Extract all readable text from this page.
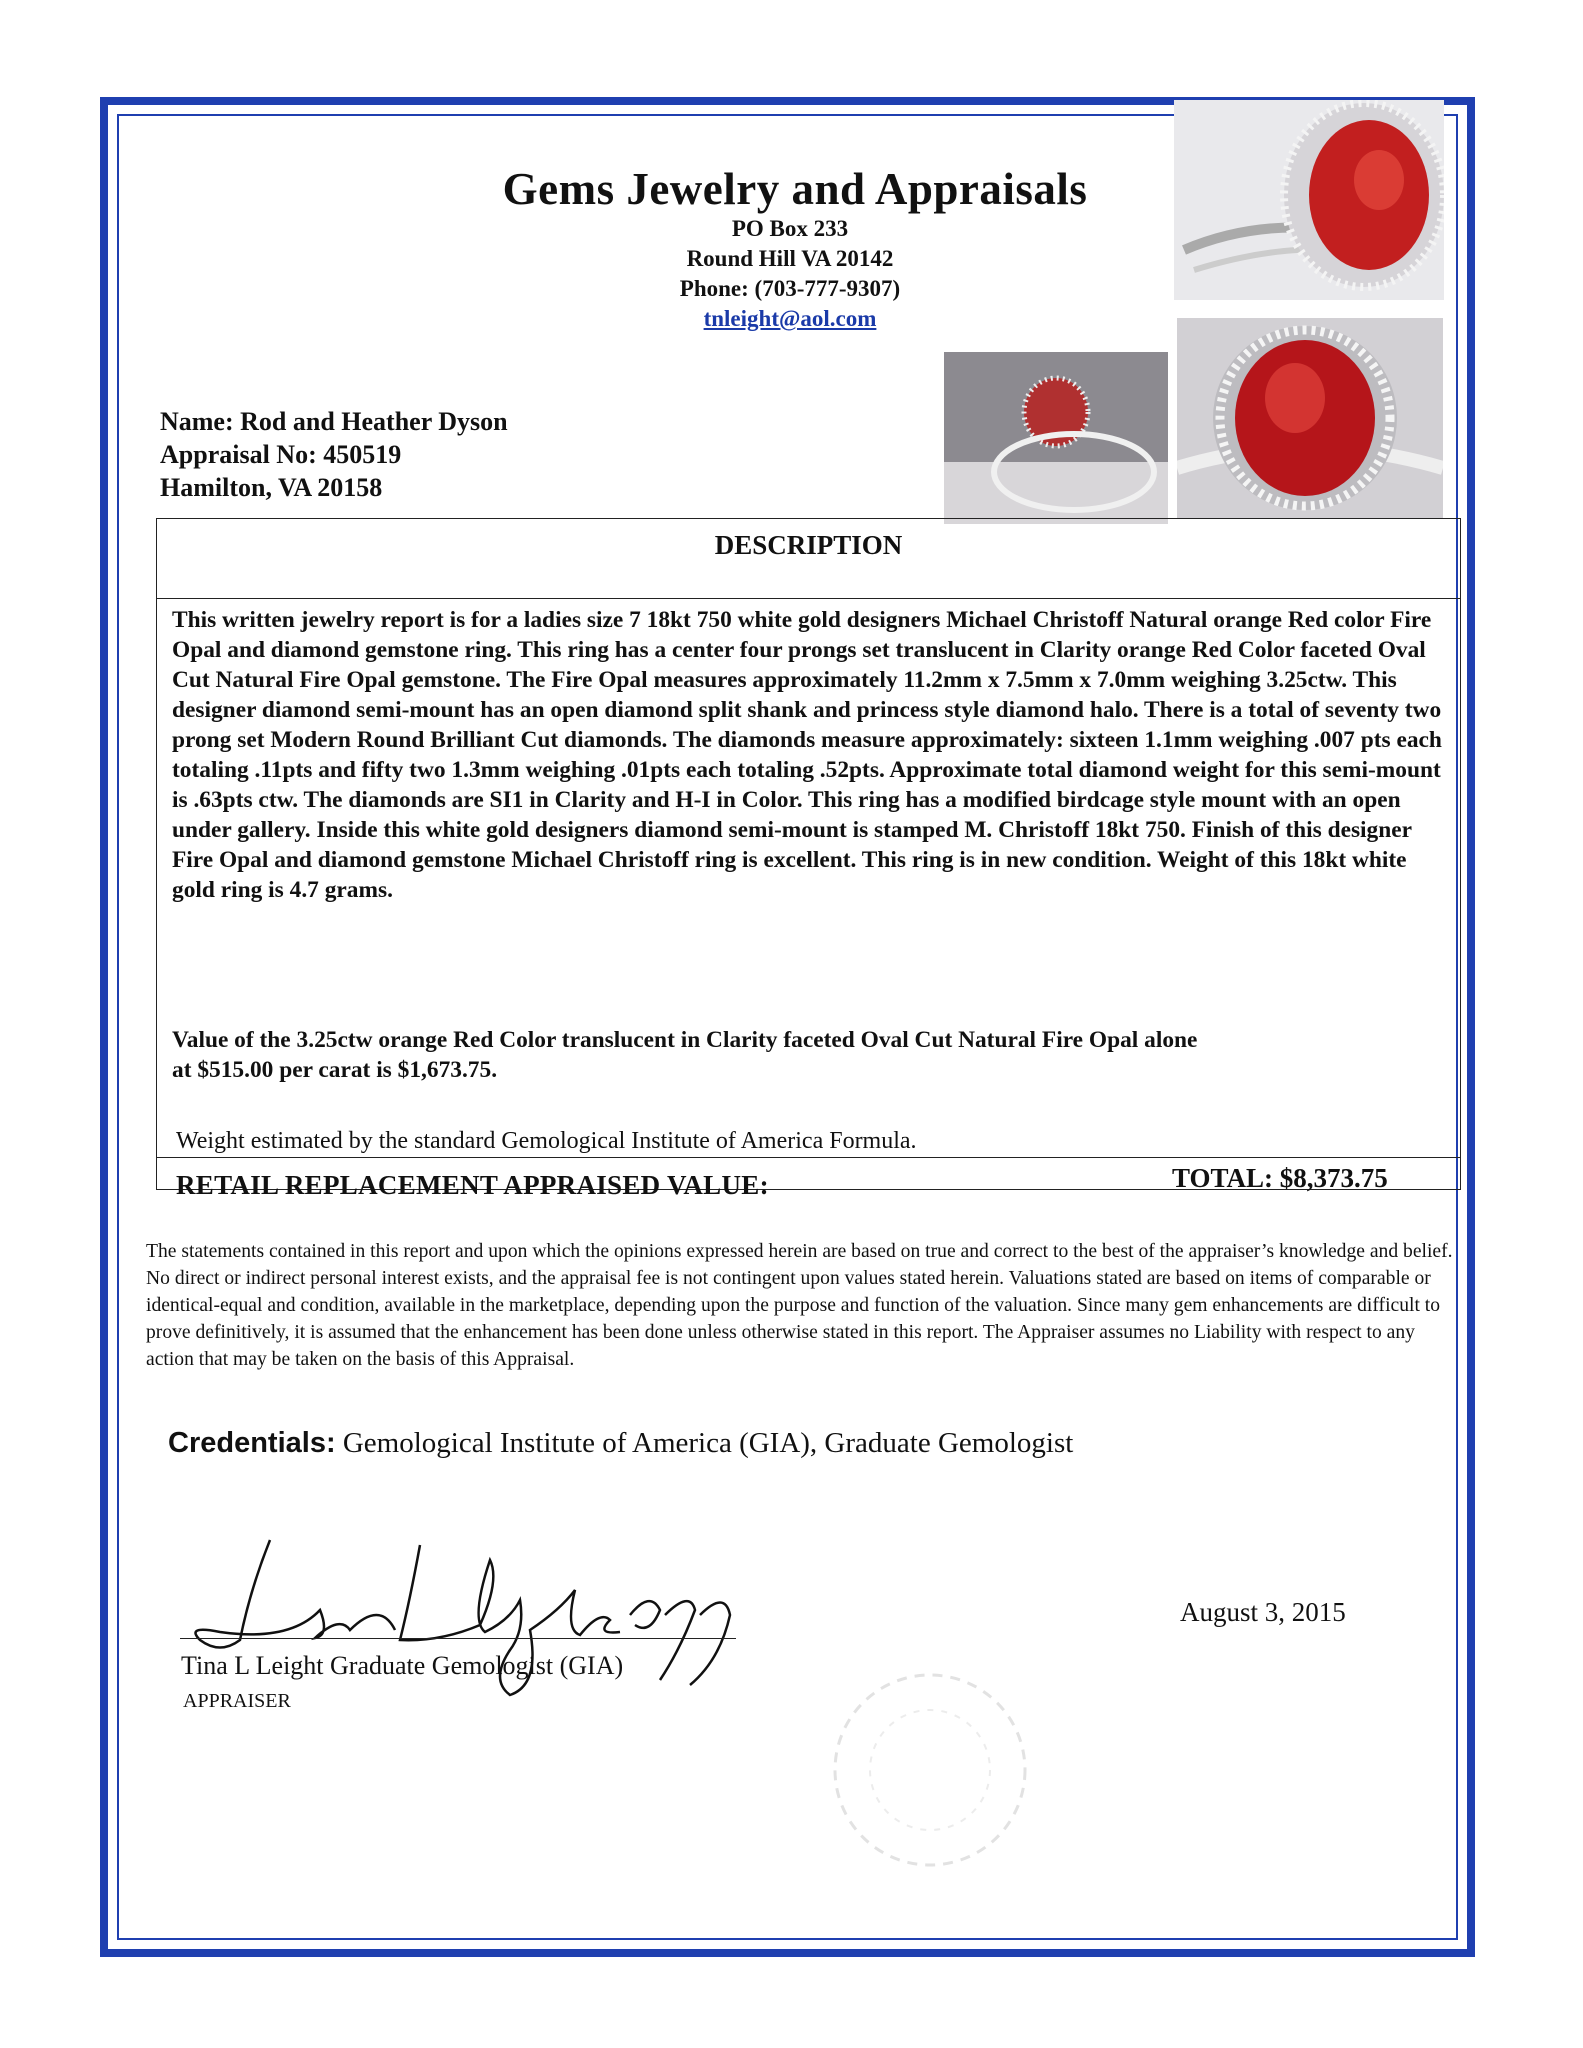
Gems Jewelry and Appraisals
PO Box 233
Round Hill VA 20142
Phone: (703-777-9307)
tnleight@aol.com
Name: Rod and Heather Dyson
Appraisal No: 450519
Hamilton, VA 20158
DESCRIPTION
This written jewelry report is for a ladies size 7 18kt 750 white gold designers Michael Christoff Natural orange Red color Fire Opal and diamond gemstone ring. This ring has a center four prongs set translucent in Clarity orange Red Color faceted Oval Cut Natural Fire Opal gemstone. The Fire Opal measures approximately 11.2mm x 7.5mm x 7.0mm weighing 3.25ctw. This designer diamond semi-mount has an open diamond split shank and princess style diamond halo. There is a total of seventy two prong set Modern Round Brilliant Cut diamonds. The diamonds measure approximately: sixteen 1.1mm weighing .007 pts each totaling .11pts and fifty two 1.3mm weighing .01pts each totaling .52pts. Approximate total diamond weight for this semi-mount is .63pts ctw. The diamonds are SI1 in Clarity and H-I in Color. This ring has a modified birdcage style mount with an open under gallery. Inside this white gold designers diamond semi-mount is stamped M. Christoff 18kt 750. Finish of this designer Fire Opal and diamond gemstone Michael Christoff ring is excellent. This ring is in new condition. Weight of this 18kt white gold ring is 4.7 grams.
Value of the 3.25ctw orange Red Color translucent in Clarity faceted Oval Cut Natural Fire Opal alone
at $515.00 per carat is $1,673.75.
Weight estimated by the standard Gemological Institute of America Formula.
RETAIL REPLACEMENT APPRAISED VALUE:	TOTAL: $8,373.75
The statements contained in this report and upon which the opinions expressed herein are based on true and correct to the best of the appraiser’s knowledge and belief. No direct or indirect personal interest exists, and the appraisal fee is not contingent upon values stated herein. Valuations stated are based on items of comparable or identical-equal and condition, available in the marketplace, depending upon the purpose and function of the valuation. Since many gem enhancements are difficult to prove definitively, it is assumed that the enhancement has been done unless otherwise stated in this report. The Appraiser assumes no Liability with respect to any action that may be taken on the basis of this Appraisal.
Credentials: Gemological Institute of America (GIA), Graduate Gemologist
Tina L Leight Graduate Gemologist (GIA)
APPRAISER
August 3, 2015
